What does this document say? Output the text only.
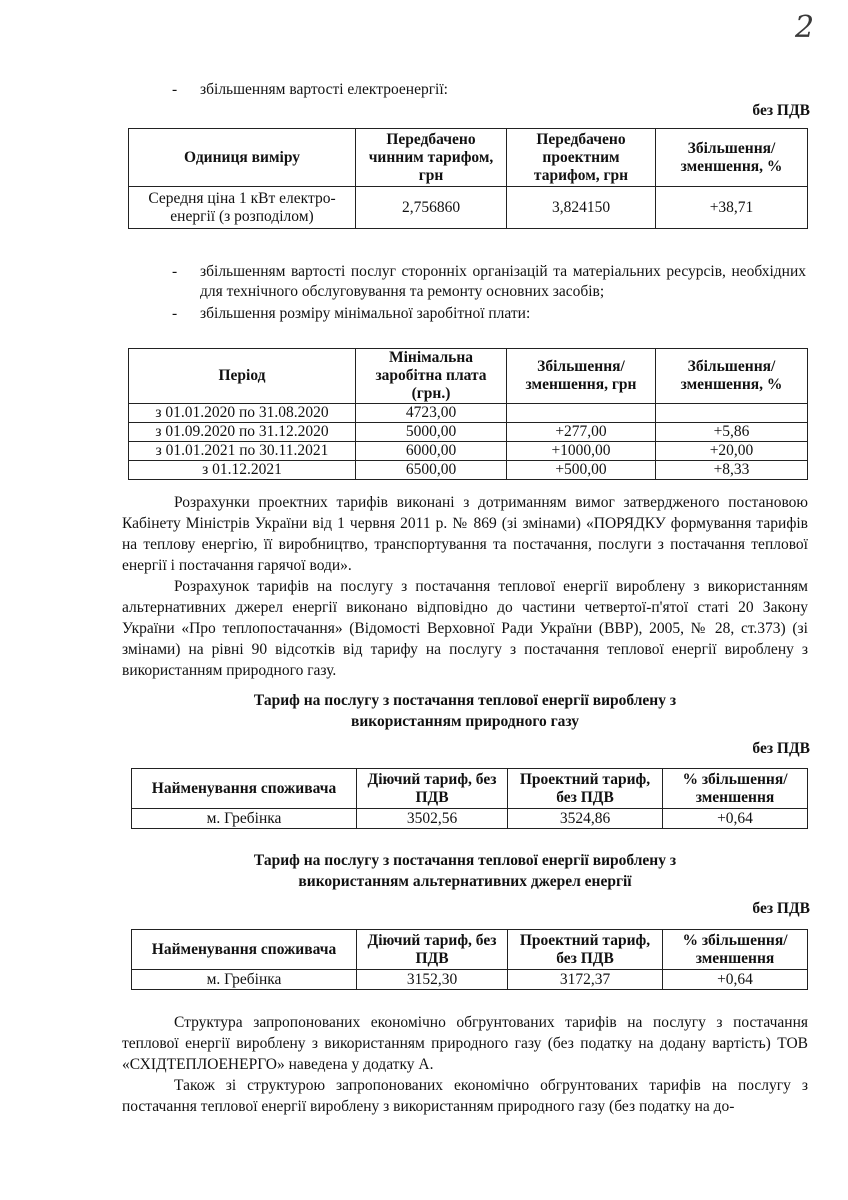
2
- збільшенням вартості електроенергії:
без ПДВ
Одиниця виміру	Передбачено чинним тарифом, грн	Передбачено проектним тарифом, грн	Збільшення/ зменшення, %
Середня ціна 1 кВт електро-енергії (з розподілом)	2,756860	3,824150	+38,71
- збільшенням вартості послуг сторонніх організацій та матеріальних ресурсів, необхідних для технічного обслуговування та ремонту основних засобів;
- збільшення розміру мінімальної заробітної плати:
Період	Мінімальна заробітна плата (грн.)	Збільшення/ зменшення, грн	Збільшення/ зменшення, %
з 01.01.2020 по 31.08.2020	4723,00		
з 01.09.2020 по 31.12.2020	5000,00	+277,00	+5,86
з 01.01.2021 по 30.11.2021	6000,00	+1000,00	+20,00
з 01.12.2021	6500,00	+500,00	+8,33

Розрахунки проектних тарифів виконані з дотриманням вимог затвердженого постановою Кабінету Міністрів України від 1 червня 2011 р. № 869 (зі змінами) «ПОРЯДКУ формування тарифів на теплову енергію, її виробництво, транспортування та постачання, послуги з постачання теплової енергії і постачання гарячої води».

Розрахунок тарифів на послугу з постачання теплової енергії вироблену з використанням альтернативних джерел енергії виконано відповідно до частини четвертої-п'ятої статі 20 Закону України «Про теплопостачання» (Відомості Верховної Ради України (ВВР), 2005, № 28, ст.373) (зі змінами) на рівні 90 відсотків від тарифу на послугу з постачання теплової енергії вироблену з використанням природного газу.

Тариф на послугу з постачання теплової енергії вироблену з
використанням природного газу
без ПДВ
Найменування споживача	Діючий тариф, без ПДВ	Проектний тариф, без ПДВ	% збільшення/ зменшення
м. Гребінка	3502,56	3524,86	+0,64
Тариф на послугу з постачання теплової енергії вироблену з
використанням альтернативних джерел енергії
без ПДВ
Найменування споживача	Діючий тариф, без ПДВ	Проектний тариф, без ПДВ	% збільшення/ зменшення
м. Гребінка	3152,30	3172,37	+0,64

Структура запропонованих економічно обгрунтованих тарифів на послугу з постачання теплової енергії вироблену з використанням природного газу (без податку на додану вартість) ТОВ «СХІДТЕПЛОЕНЕРГО» наведена у додатку А.

Також зі структурою запропонованих економічно обгрунтованих тарифів на послугу з постачання теплової енергії вироблену з використанням природного газу (без податку на до-
